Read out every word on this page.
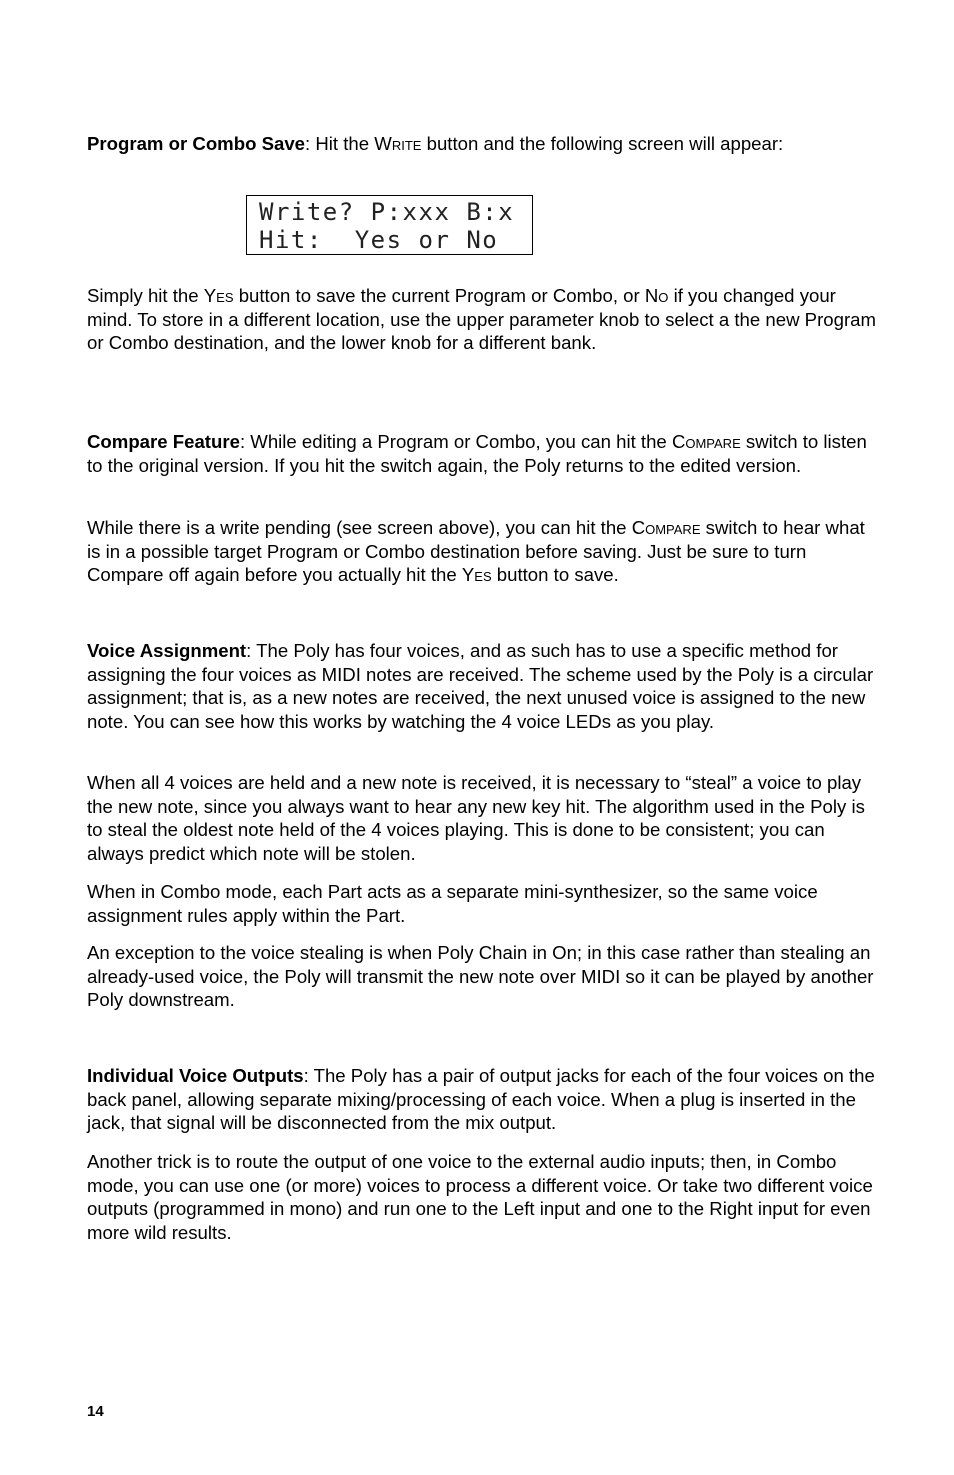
Program or Combo Save: Hit the Write button and the following screen will appear:

Write? P:xxx B:x
Hit:  Yes or No

Simply hit the Yes button to save the current Program or Combo, or No if you changed your mind. To store in a different location, use the upper parameter knob to select a the new Program or Combo destination, and the lower knob for a different bank.

Compare Feature: While editing a Program or Combo, you can hit the Compare switch to listen to the original version. If you hit the switch again, the Poly returns to the edited version.

While there is a write pending (see screen above), you can hit the Compare switch to hear what is in a possible target Program or Combo destination before saving. Just be sure to turn Compare off again before you actually hit the Yes button to save.

Voice Assignment: The Poly has four voices, and as such has to use a specific method for assigning the four voices as MIDI notes are received. The scheme used by the Poly is a circular assignment; that is, as a new notes are received, the next unused voice is assigned to the new note. You can see how this works by watching the 4 voice LEDs as you play.

When all 4 voices are held and a new note is received, it is necessary to “steal” a voice to play the new note, since you always want to hear any new key hit. The algorithm used in the Poly is to steal the oldest note held of the 4 voices playing. This is done to be consistent; you can always predict which note will be stolen.

When in Combo mode, each Part acts as a separate mini-synthesizer, so the same voice assignment rules apply within the Part.

An exception to the voice stealing is when Poly Chain in On; in this case rather than stealing an already-used voice, the Poly will transmit the new note over MIDI so it can be played by another Poly downstream.

Individual Voice Outputs: The Poly has a pair of output jacks for each of the four voices on the back panel, allowing separate mixing/processing of each voice. When a plug is inserted in the jack, that signal will be disconnected from the mix output.

Another trick is to route the output of one voice to the external audio inputs; then, in Combo mode, you can use one (or more) voices to process a different voice. Or take two different voice outputs (programmed in mono) and run one to the Left input and one to the Right input for even more wild results.

14
